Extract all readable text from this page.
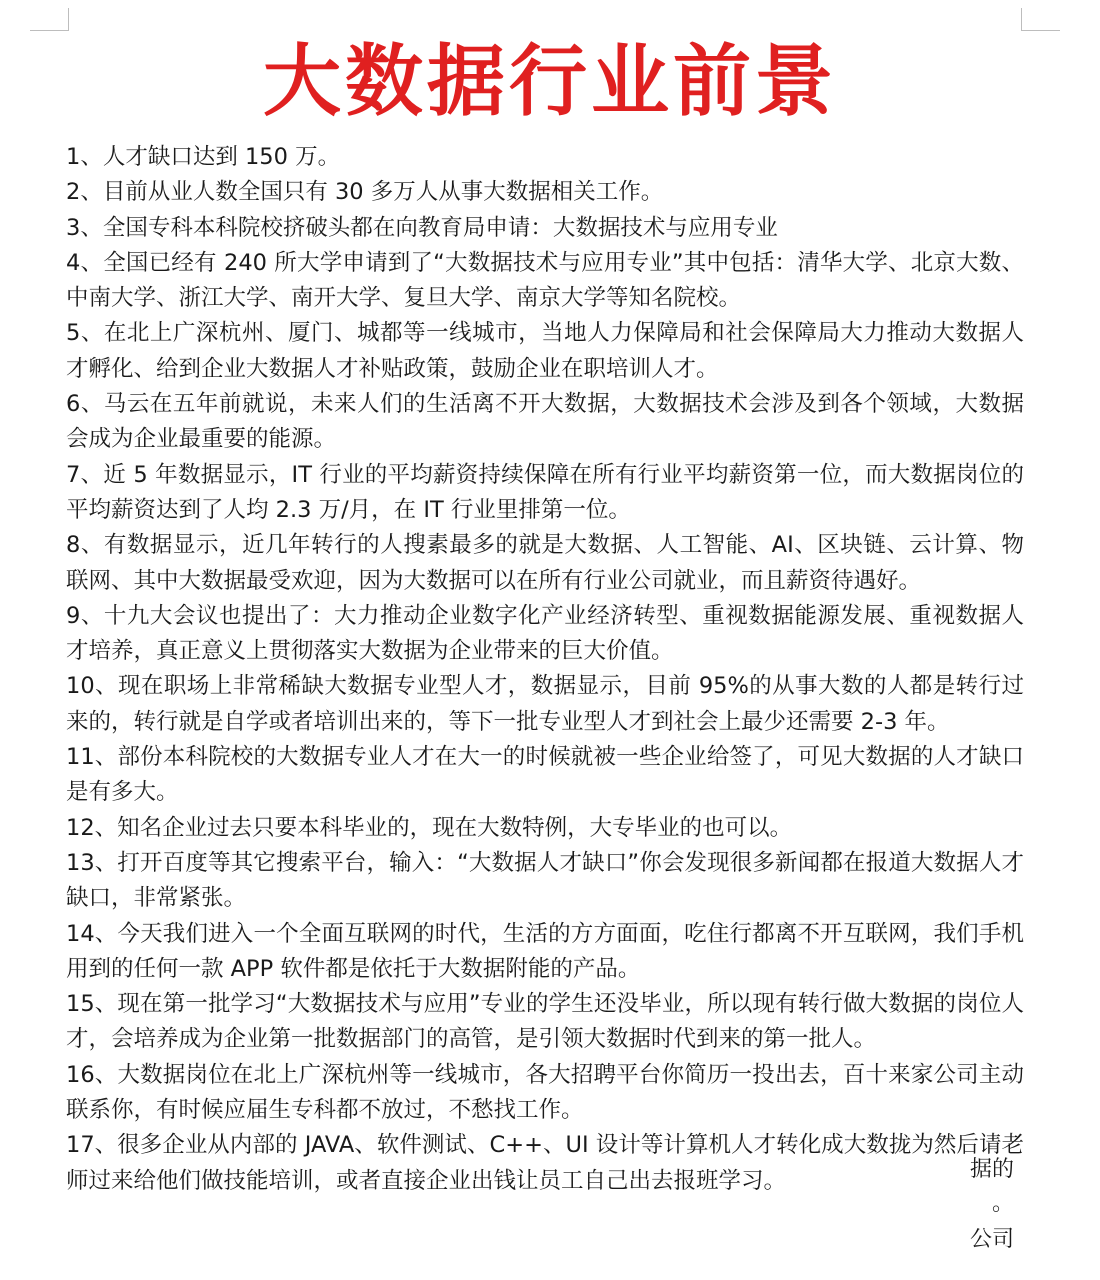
大数据行业前景

1、人才缺口达到 150 万。

2、目前从业人数全国只有 30 多万人从事大数据相关工作。

3、全国专科本科院校挤破头都在向教育局申请：大数据技术与应用专业

4、全国已经有 240 所大学申请到了“大数据技术与应用专业”其中包括：清华大学、北京大数、中南大学、浙江大学、南开大学、复旦大学、南京大学等知名院校。

5、在北上广深杭州、厦门、城都等一线城市，当地人力保障局和社会保障局大力推动大数据人才孵化、给到企业大数据人才补贴政策，鼓励企业在职培训人才。

6、马云在五年前就说，未来人们的生活离不开大数据，大数据技术会涉及到各个领域，大数据会成为企业最重要的能源。

7、近 5 年数据显示，IT 行业的平均薪资持续保障在所有行业平均薪资第一位，而大数据岗位的平均薪资达到了人均 2.3 万/月，在 IT 行业里排第一位。

8、有数据显示，近几年转行的人搜素最多的就是大数据、人工智能、AI、区块链、云计算、物联网、其中大数据最受欢迎，因为大数据可以在所有行业公司就业，而且薪资待遇好。

9、十九大会议也提出了：大力推动企业数字化产业经济转型、重视数据能源发展、重视数据人才培养，真正意义上贯彻落实大数据为企业带来的巨大价值。

10、现在职场上非常稀缺大数据专业型人才，数据显示，目前 95%的从事大数的人都是转行过来的，转行就是自学或者培训出来的，等下一批专业型人才到社会上最少还需要 2-3 年。

11、部份本科院校的大数据专业人才在大一的时候就被一些企业给签了，可见大数据的人才缺口是有多大。

12、知名企业过去只要本科毕业的，现在大数特例，大专毕业的也可以。

13、打开百度等其它搜索平台，输入：“大数据人才缺口”你会发现很多新闻都在报道大数据人才缺口，非常紧张。

14、今天我们进入一个全面互联网的时代，生活的方方面面，吃住行都离不开互联网，我们手机用到的任何一款 APP 软件都是依托于大数据附能的产品。

15、现在第一批学习“大数据技术与应用”专业的学生还没毕业，所以现有转行做大数据的岗位人才，会培养成为企业第一批数据部门的高管，是引领大数据时代到来的第一批人。

16、大数据岗位在北上广深杭州等一线城市，各大招聘平台你简历一投出去，百十来家公司主动联系你，有时候应届生专科都不放过，不愁找工作。

17、很多企业从内部的 JAVA、软件测试、C++、UI 设计等计算机人才转化成大数拢为然后请老师过来给他们做技能培训，或者直接企业出钱让员工自己出去报班学习。	据的
。
公司
